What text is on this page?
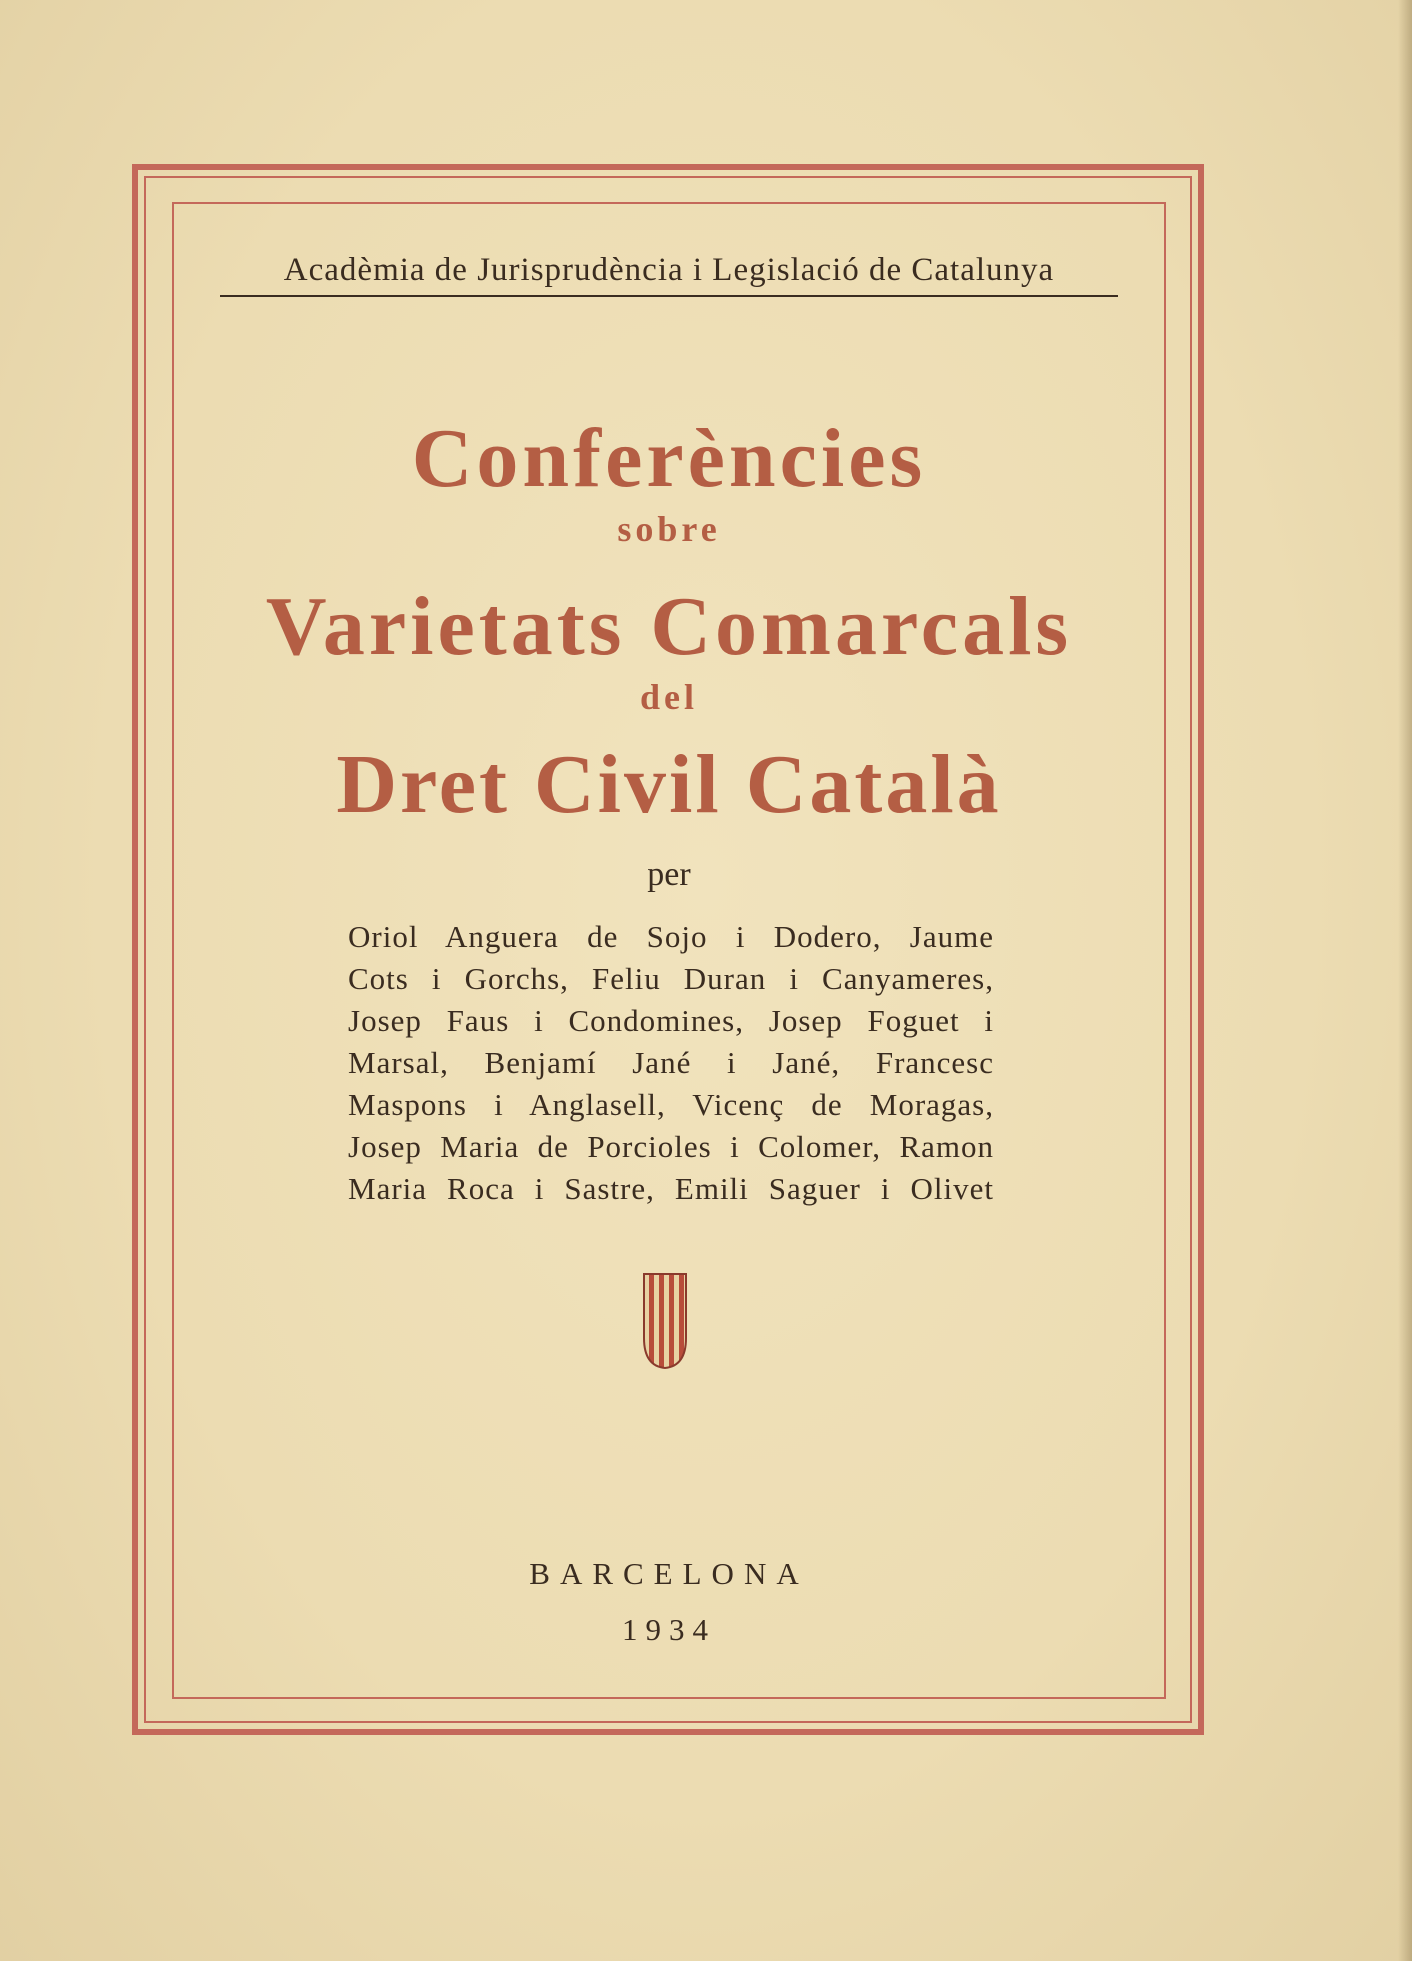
Acadèmia de Jurisprudència i Legislació de Catalunya
Conferències
sobre
Varietats Comarcals
del
Dret Civil Català
per
Oriol Anguera de Sojo i Dodero, Jaume
Cots i Gorchs, Feliu Duran i Canyameres,
Josep Faus i Condomines, Josep Foguet i
Marsal, Benjamí Jané i Jané, Francesc
Maspons i Anglasell, Vicenç de Moragas,
Josep Maria de Porcioles i Colomer, Ramon
Maria Roca i Sastre, Emili Saguer i Olivet
BARCELONA
1934
